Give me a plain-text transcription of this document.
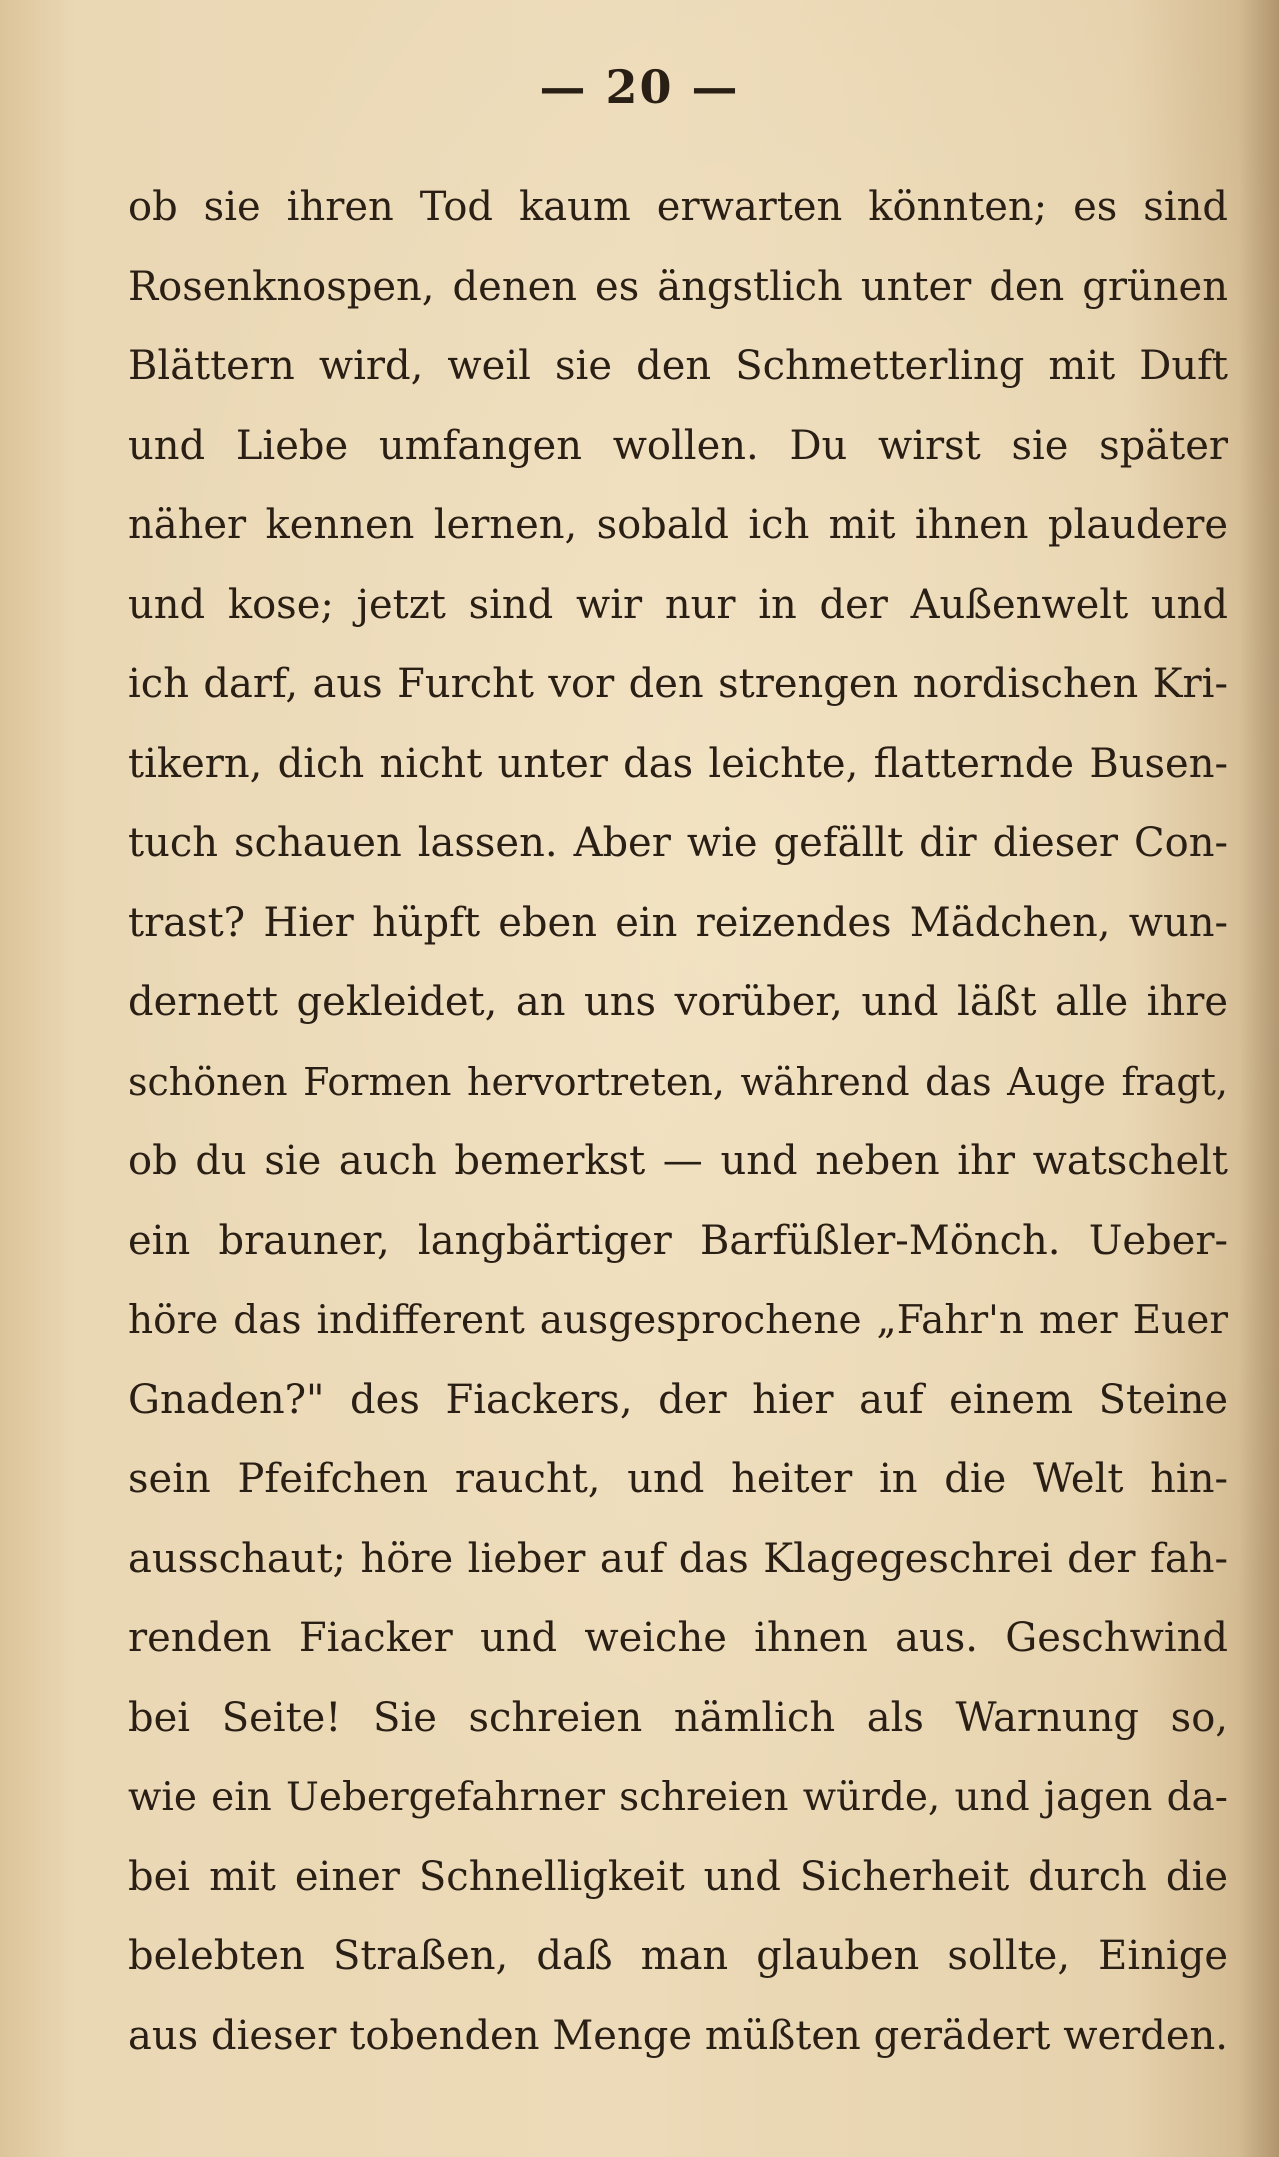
— 20 —
ob sie ihren Tod kaum erwarten könnten; es sind
Rosenknospen, denen es ängstlich unter den grünen
Blättern wird, weil sie den Schmetterling mit Duft
und Liebe umfangen wollen. Du wirst sie später
näher kennen lernen, sobald ich mit ihnen plaudere
und kose; jetzt sind wir nur in der Außenwelt und
ich darf, aus Furcht vor den strengen nordischen Kri-
tikern, dich nicht unter das leichte, flatternde Busen-
tuch schauen lassen. Aber wie gefällt dir dieser Con-
trast? Hier hüpft eben ein reizendes Mädchen, wun-
dernett gekleidet, an uns vorüber, und läßt alle ihre
schönen Formen hervortreten, während das Auge fragt,
ob du sie auch bemerkst — und neben ihr watschelt
ein brauner, langbärtiger Barfüßler-Mönch. Ueber-
höre das indifferent ausgesprochene „Fahr'n mer Euer
Gnaden?" des Fiackers, der hier auf einem Steine
sein Pfeifchen raucht, und heiter in die Welt hin-
ausschaut; höre lieber auf das Klagegeschrei der fah-
renden Fiacker und weiche ihnen aus. Geschwind
bei Seite! Sie schreien nämlich als Warnung so,
wie ein Uebergefahrner schreien würde, und jagen da-
bei mit einer Schnelligkeit und Sicherheit durch die
belebten Straßen, daß man glauben sollte, Einige
aus dieser tobenden Menge müßten gerädert werden.
